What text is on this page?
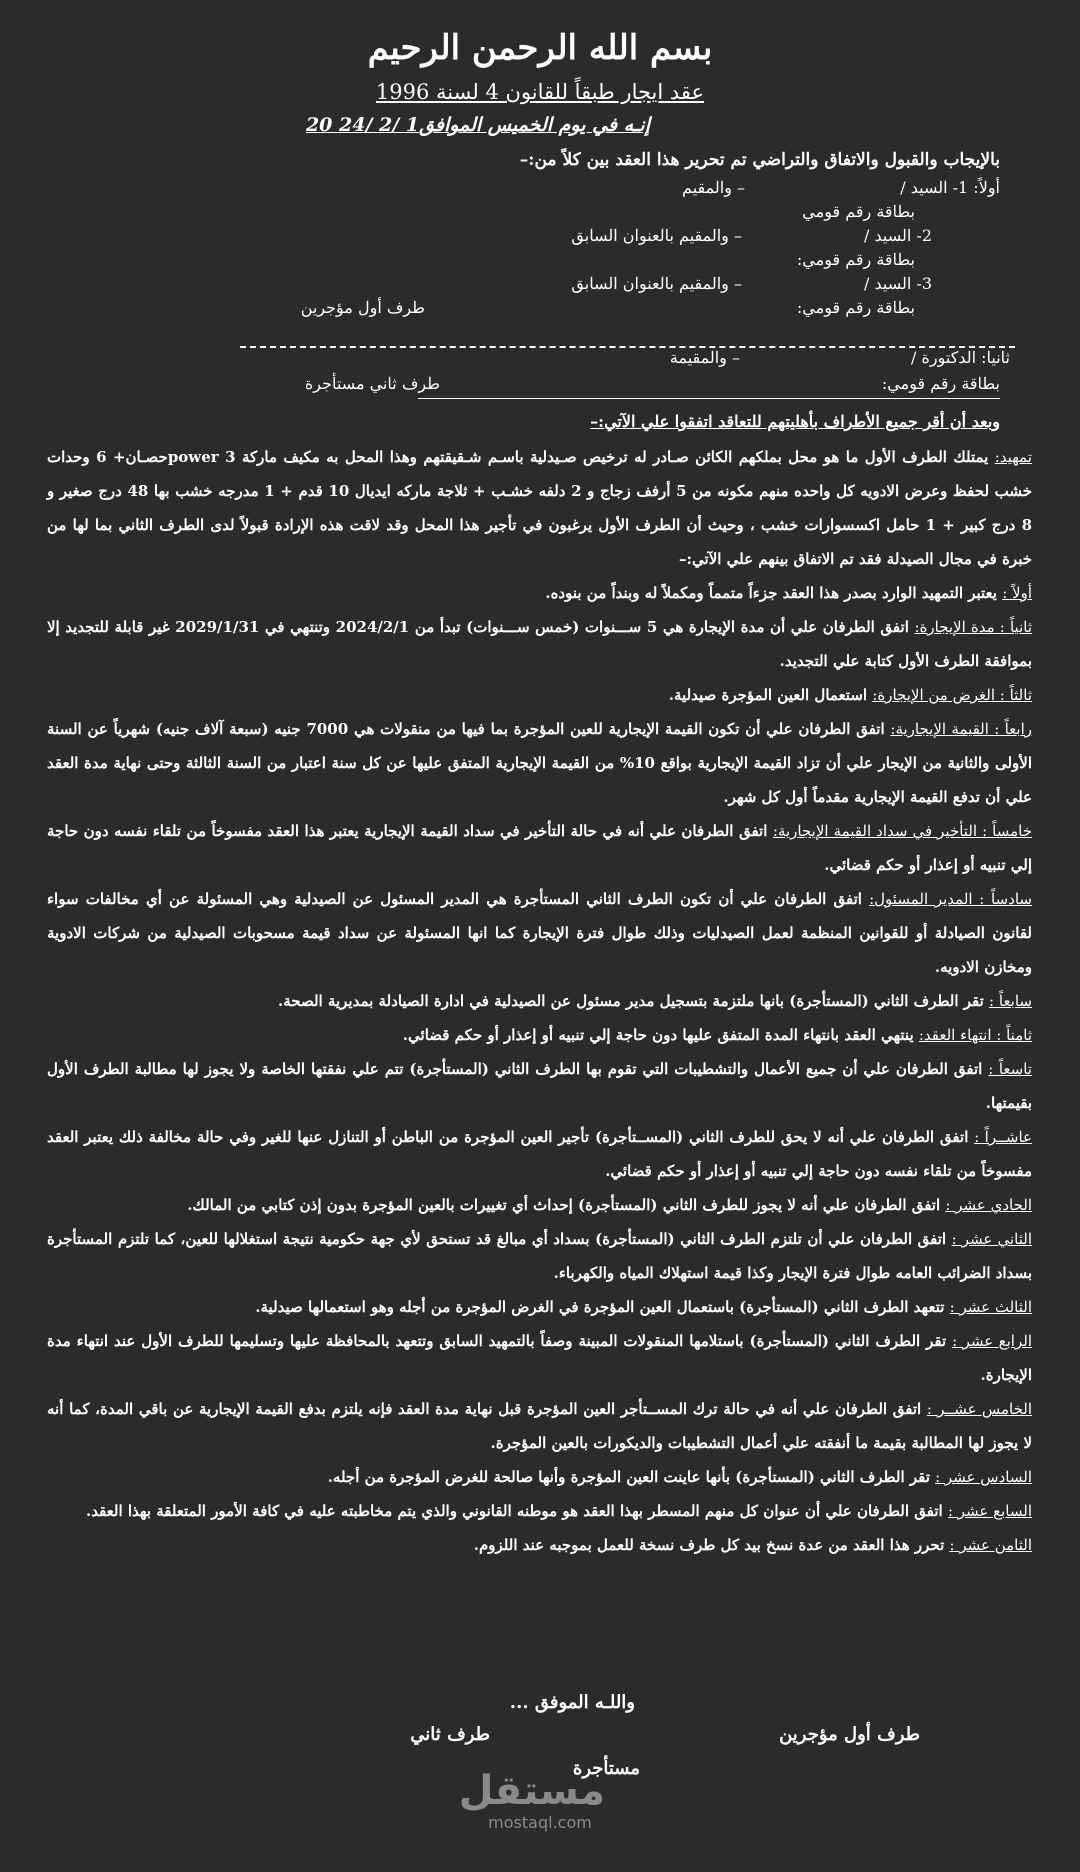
بسم الله الرحمن الرحيم
عقد ايجار طبقاً للقانون 4 لسنة 1996
إنـه في يوم الخميس الموافق1 /2 /24 20
بالإيجاب والقبول والاتفاق والتراضي تم تحرير هذا العقد بين كلاً من:–
أولاً: 1- السيد /
– والمقيم
بطاقة رقم قومي
2- السيد /
– والمقيم بالعنوان السابق
بطاقة رقم قومي:
3- السيد /
– والمقيم بالعنوان السابق
بطاقة رقم قومي:
طرف أول مؤجرين
ثانيا: الدكتورة /
– والمقيمة
بطاقة رقم قومي:
طرف ثاني مستأجرة
وبعد أن أقر جميع الأطراف بأهليتهم للتعاقد اتفقوا علي الآتي:–

تمهيد: يمتلك الطرف الأول ما هو محل بملكهم الكائن صـادر له ترخيص صـيدلية باسـم شـقيقتهم وهذا المحل به مكيف ماركة power 3حصـان+ 6 وحدات خشب لحفظ وعرض الادويه كل واحده منهم مكونه من 5 أرفف زجاج و 2 دلفه خشـب + ثلاجة ماركه ايديال 10 قدم + 1 مدرجه خشب بها 48 درج صغير و 8 درج كبير + 1 حامل اكسسوارات خشب ، وحيث أن الطرف الأول يرغبون في تأجير هذا المحل وقد لاقت هذه الإرادة قبولاً لدى الطرف الثاني بما لها من خبرة في مجال الصيدلة فقد تم الاتفاق بينهم علي الآتي:–

أولاً : يعتبر التمهيد الوارد بصدر هذا العقد جزءاً متمماً ومكملاً له وبنداً من بنوده.

ثانياً : مدة الإيجارة: اتفق الطرفان علي أن مدة الإيجارة هي 5 ســـنوات (خمس ســـنوات) تبدأ من 2024/2/1 وتنتهي في 2029/1/31 غير قابلة للتجديد إلا بموافقة الطرف الأول كتابة علي التجديد.

ثالثاً : الغرض من الإيجارة: استعمال العين المؤجرة صيدلية.

رابعاً : القيمة الإيجارية: اتفق الطرفان علي أن تكون القيمة الإيجارية للعين المؤجرة بما فيها من منقولات هي 7000 جنيه (سبعة آلاف جنيه) شهرياً عن السنة الأولى والثانية من الإيجار علي أن تزاد القيمة الإيجارية بواقع 10% من القيمة الإيجارية المتفق عليها عن كل سنة اعتبار من السنة الثالثة وحتى نهاية مدة العقد علي أن تدفع القيمة الإيجارية مقدماً أول كل شهر.

خامساً : التأخير في سداد القيمة الإيجارية: اتفق الطرفان علي أنه في حالة التأخير في سداد القيمة الإيجارية يعتبر هذا العقد مفسوخاً من تلقاء نفسه دون حاجة إلي تنبيه أو إعذار أو حكم قضائي.

سادساً : المدير المسئول: اتفق الطرفان علي أن تكون الطرف الثاني المستأجرة هي المدير المسئول عن الصيدلية وهي المسئولة عن أي مخالفات سواء لقانون الصيادلة أو للقوانين المنظمة لعمل الصيدليات وذلك طوال فترة الإيجارة كما انها المسئولة عن سداد قيمة مسحوبات الصيدلية من شركات الادوية ومخازن الادويه.

سابعاً : تقر الطرف الثاني (المستأجرة) بانها ملتزمة بتسجيل مدير مسئول عن الصيدلية في ادارة الصيادلة بمديرية الصحة.

ثامناً : انتهاء العقد: ينتهي العقد بانتهاء المدة المتفق عليها دون حاجة إلي تنبيه أو إعذار أو حكم قضائي.

تاسعاً : اتفق الطرفان علي أن جميع الأعمال والتشطيبات التي تقوم بها الطرف الثاني (المستأجرة) تتم علي نفقتها الخاصة ولا يجوز لها مطالبة الطرف الأول بقيمتها.

عاشــراً : اتفق الطرفان علي أنه لا يحق للطرف الثاني (المســتأجرة) تأجير العين المؤجرة من الباطن أو التنازل عنها للغير وفي حالة مخالفة ذلك يعتبر العقد مفسوخاً من تلقاء نفسه دون حاجة إلي تنبيه أو إعذار أو حكم قضائي.

الحادي عشر : اتفق الطرفان علي أنه لا يجوز للطرف الثاني (المستأجرة) إحداث أي تغييرات بالعين المؤجرة بدون إذن كتابي من المالك.

الثاني عشر : اتفق الطرفان علي أن تلتزم الطرف الثاني (المستأجرة) بسداد أي مبالغ قد تستحق لأي جهة حكومية نتيجة استغلالها للعين، كما تلتزم المستأجرة بسداد الضرائب العامه طوال فترة الإيجار وكذا قيمة استهلاك المياه والكهرباء.

الثالث عشر : تتعهد الطرف الثاني (المستأجرة) باستعمال العين المؤجرة في الغرض المؤجرة من أجله وهو استعمالها صيدلية.

الرابع عشر : تقر الطرف الثاني (المستأجرة) باستلامها المنقولات المبينة وصفاً بالتمهيد السابق وتتعهد بالمحافظة عليها وتسليمها للطرف الأول عند انتهاء مدة الإيجارة.

الخامس عشــر : اتفق الطرفان علي أنه في حالة ترك المســتأجر العين المؤجرة قبل نهاية مدة العقد فإنه يلتزم بدفع القيمة الإيجارية عن باقي المدة، كما أنه لا يجوز لها المطالبة بقيمة ما أنفقته علي أعمال التشطيبات والديكورات بالعين المؤجرة.

السادس عشر : تقر الطرف الثاني (المستأجرة) بأنها عاينت العين المؤجرة وأنها صالحة للغرض المؤجرة من أجله.

السابع عشر : اتفق الطرفان علي أن عنوان كل منهم المسطر بهذا العقد هو موطنه القانوني والذي يتم مخاطبته عليه في كافة الأمور المتعلقة بهذا العقد.

الثامن عشر : تحرر هذا العقد من عدة نسخ بيد كل طرف نسخة للعمل بموجبه عند اللزوم.

واللـه الموفق ...
طرف أول مؤجرين
طرف ثاني
مستأجرة
مستقل
mostaql.com
